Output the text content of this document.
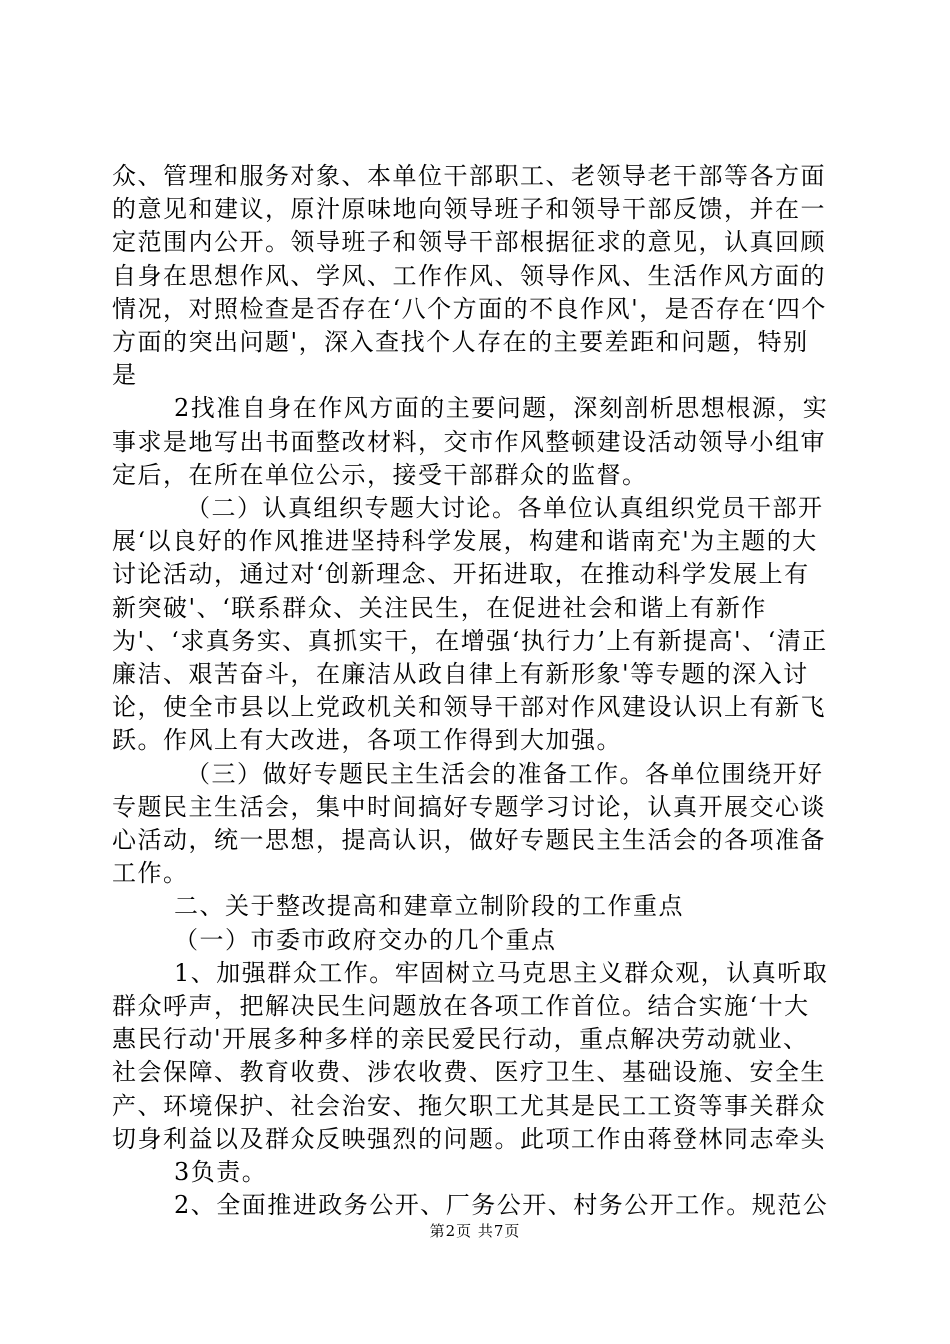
众、管理和服务对象、本单位干部职工、老领导老干部等各方面的意见和建议，原汁原味地向领导班子和领导干部反馈，并在一定范围内公开。领导班子和领导干部根据征求的意见，认真回顾自身在思想作风、学风、工作作风、领导作风、生活作风方面的情况，对照检查是否存在‘八个方面的不良作风'，是否存在‘四个方面的突出问题'，深入查找个人存在的主要差距和问题，特别是

2找准自身在作风方面的主要问题，深刻剖析思想根源，实事求是地写出书面整改材料，交市作风整顿建设活动领导小组审定后，在所在单位公示，接受干部群众的监督。

（二）认真组织专题大讨论。各单位认真组织党员干部开展‘以良好的作风推进坚持科学发展，构建和谐南充'为主题的大讨论活动，通过对‘创新理念、开拓进取，在推动科学发展上有新突破'、‘联系群众、关注民生，在促进社会和谐上有新作为'、‘求真务实、真抓实干，在增强‘执行力’上有新提高'、‘清正廉洁、艰苦奋斗，在廉洁从政自律上有新形象'等专题的深入讨论，使全市县以上党政机关和领导干部对作风建设认识上有新飞跃。作风上有大改进，各项工作得到大加强。

（三）做好专题民主生活会的准备工作。各单位围绕开好专题民主生活会，集中时间搞好专题学习讨论，认真开展交心谈心活动，统一思想，提高认识，做好专题民主生活会的各项准备工作。

二、关于整改提高和建章立制阶段的工作重点

（一）市委市政府交办的几个重点

1、加强群众工作。牢固树立马克思主义群众观，认真听取群众呼声，把解决民生问题放在各项工作首位。结合实施‘十大惠民行动'开展多种多样的亲民爱民行动，重点解决劳动就业、社会保障、教育收费、涉农收费、医疗卫生、基础设施、安全生产、环境保护、社会治安、拖欠职工尤其是民工工资等事关群众切身利益以及群众反映强烈的问题。此项工作由蒋登林同志牵头

3负责。

2、全面推进政务公开、厂务公开、村务公开工作。规范公

第2页 共7页
